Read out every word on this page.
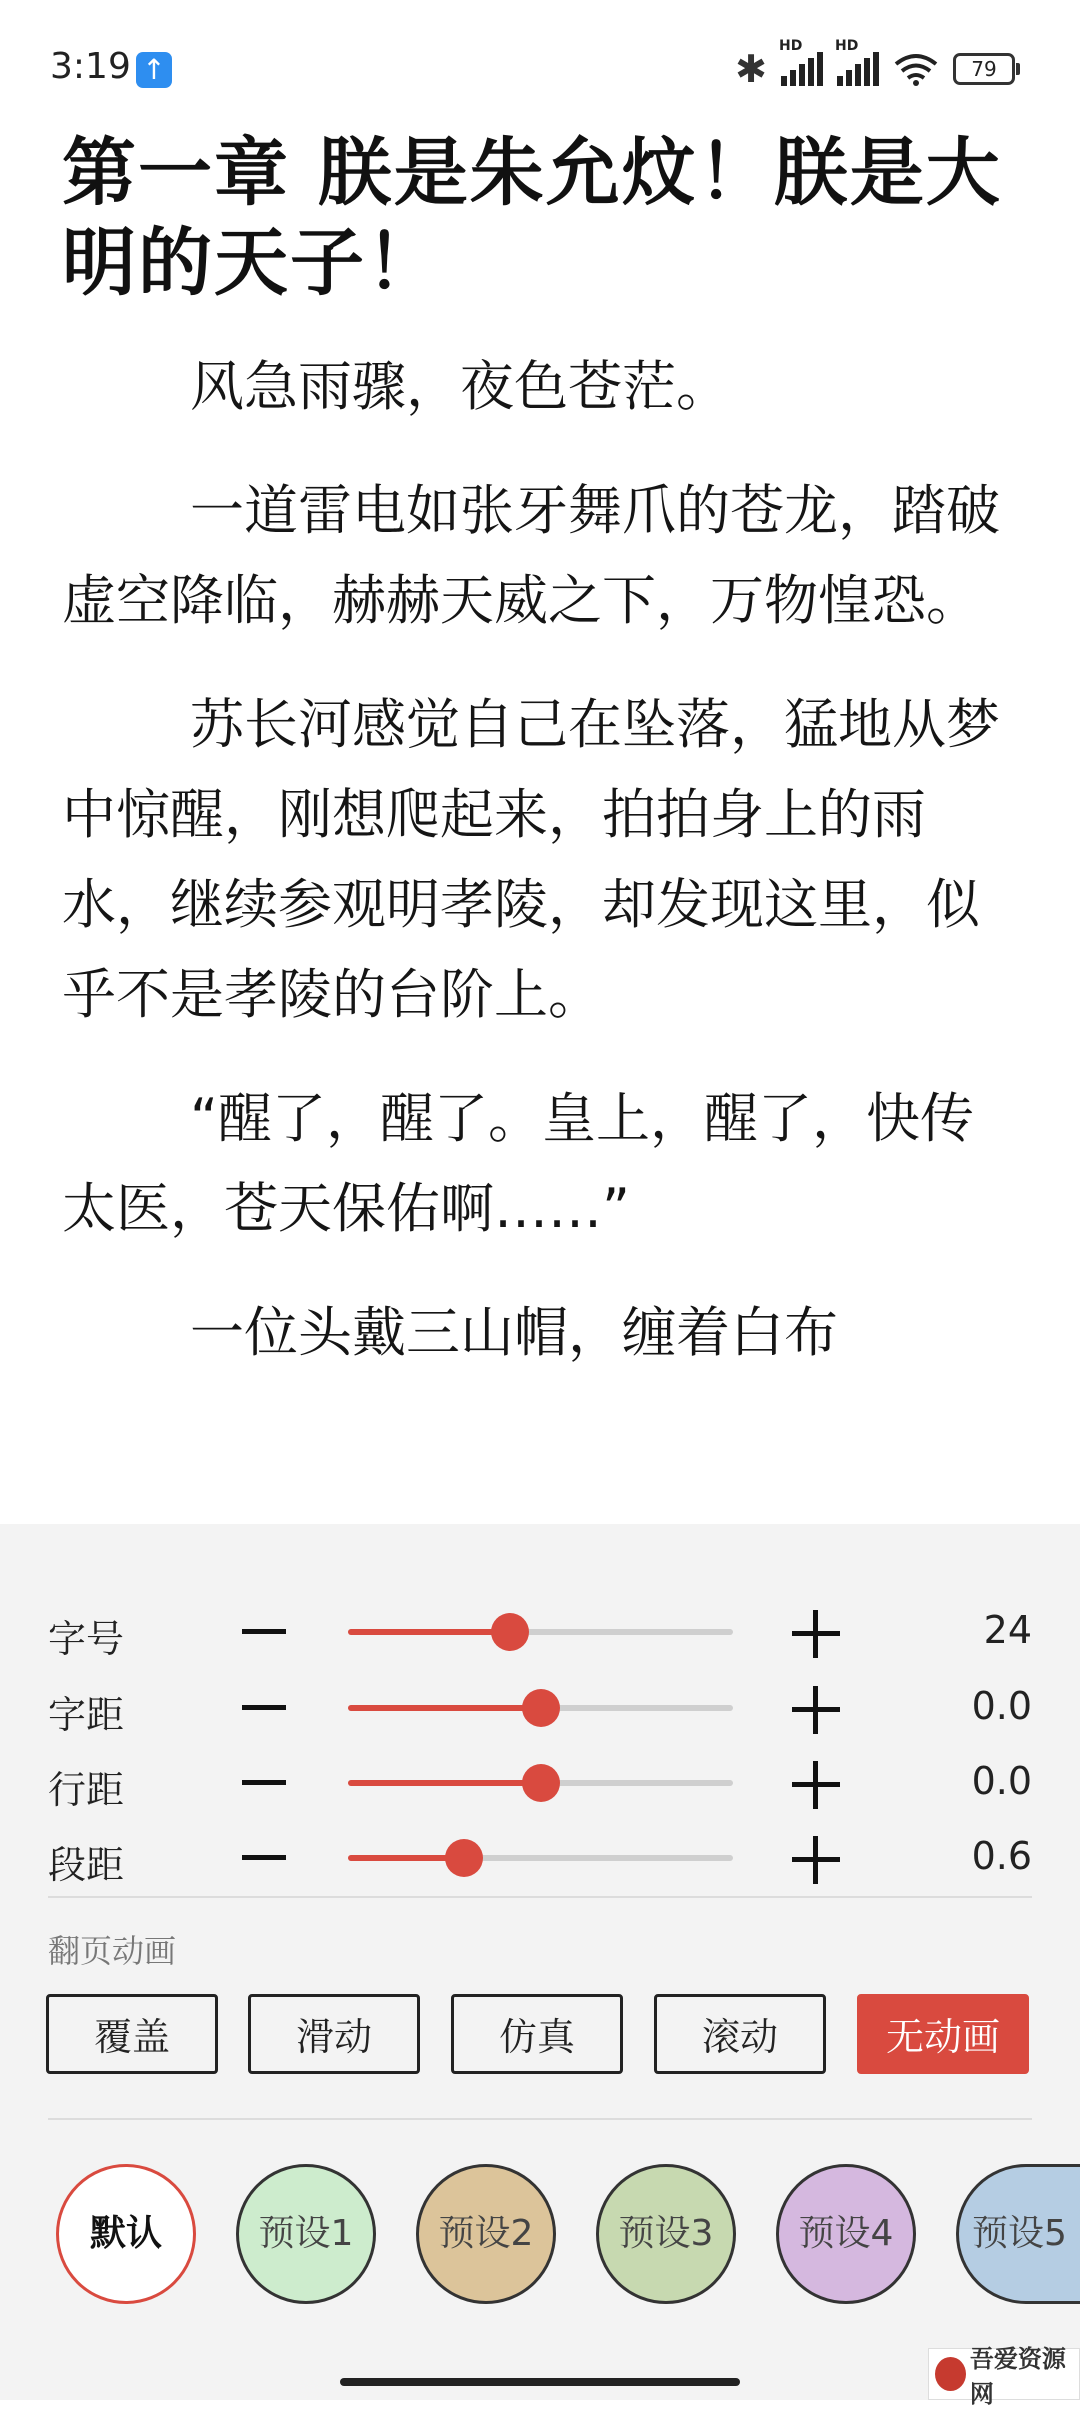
3:19 ↑	✱
HD HD
79
第一章 朕是朱允炆！朕是大明的天子！

风急雨骤，夜色苍茫。

一道雷电如张牙舞爪的苍龙，踏破虚空降临，赫赫天威之下，万物惶恐。

苏长河感觉自己在坠落，猛地从梦中惊醒，刚想爬起来，拍拍身上的雨水，继续参观明孝陵，却发现这里，似乎不是孝陵的台阶上。

“醒了，醒了。皇上，醒了，快传太医，苍天保佑啊……”

一位头戴三山帽，缠着白布

字号	24
字距	0.0
行距	0.0
段距	0.6
翻页动画
覆盖	滑动	仿真	滚动	无动画
默认	预设1	预设2	预设3	预设4	预设5
吾爱资源网
